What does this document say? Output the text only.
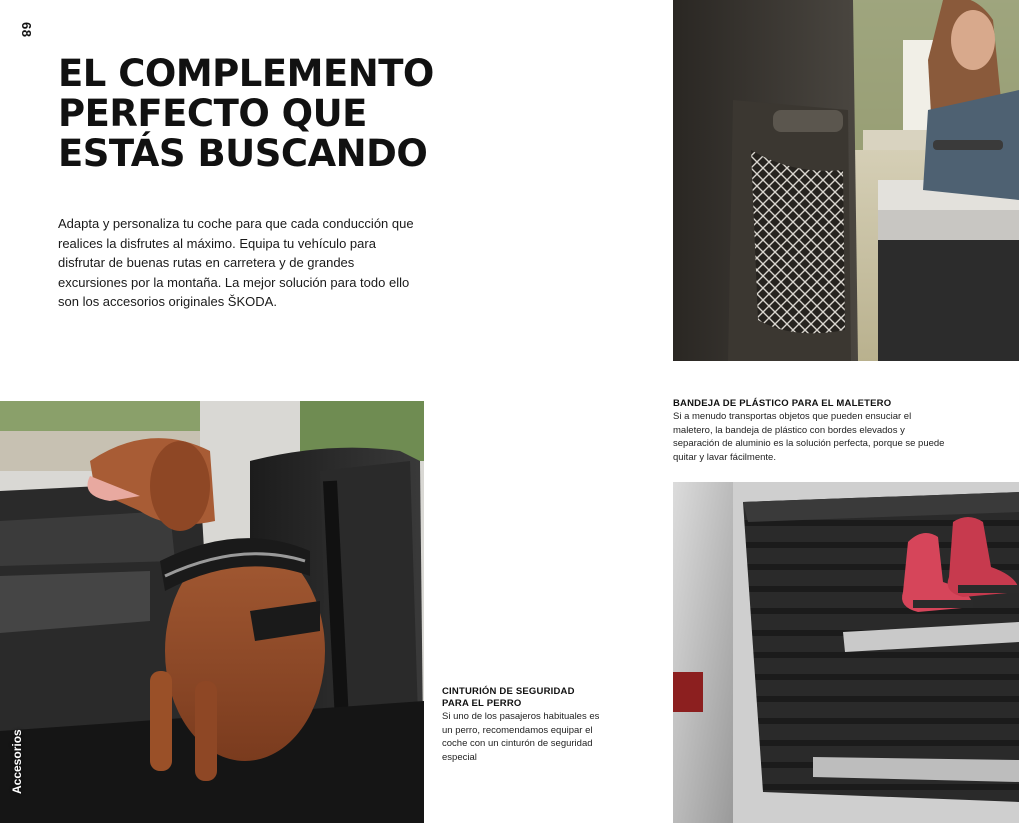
68
EL COMPLEMENTO
PERFECTO QUE
ESTÁS BUSCANDO

Adapta y personaliza tu coche para que cada conducción que realices la disfrutes al máximo. Equipa tu vehículo para disfrutar de buenas rutas en carretera y de grandes excursiones por la montaña. La mejor solución para todo ello son los accesorios originales ŠKODA.

BANDEJA DE PLÁSTICO PARA EL MALETERO
Si a menudo transportas objetos que pueden ensuciar el maletero, la bandeja de plástico con bordes elevados y separación de aluminio es la solución perfecta, porque se puede quitar y lavar fácilmente.
Accesorios
CINTURIÓN DE SEGURIDAD
PARA EL PERRO
Si uno de los pasajeros habituales es un perro, recomendamos equipar el coche con un cinturón de seguridad especial
